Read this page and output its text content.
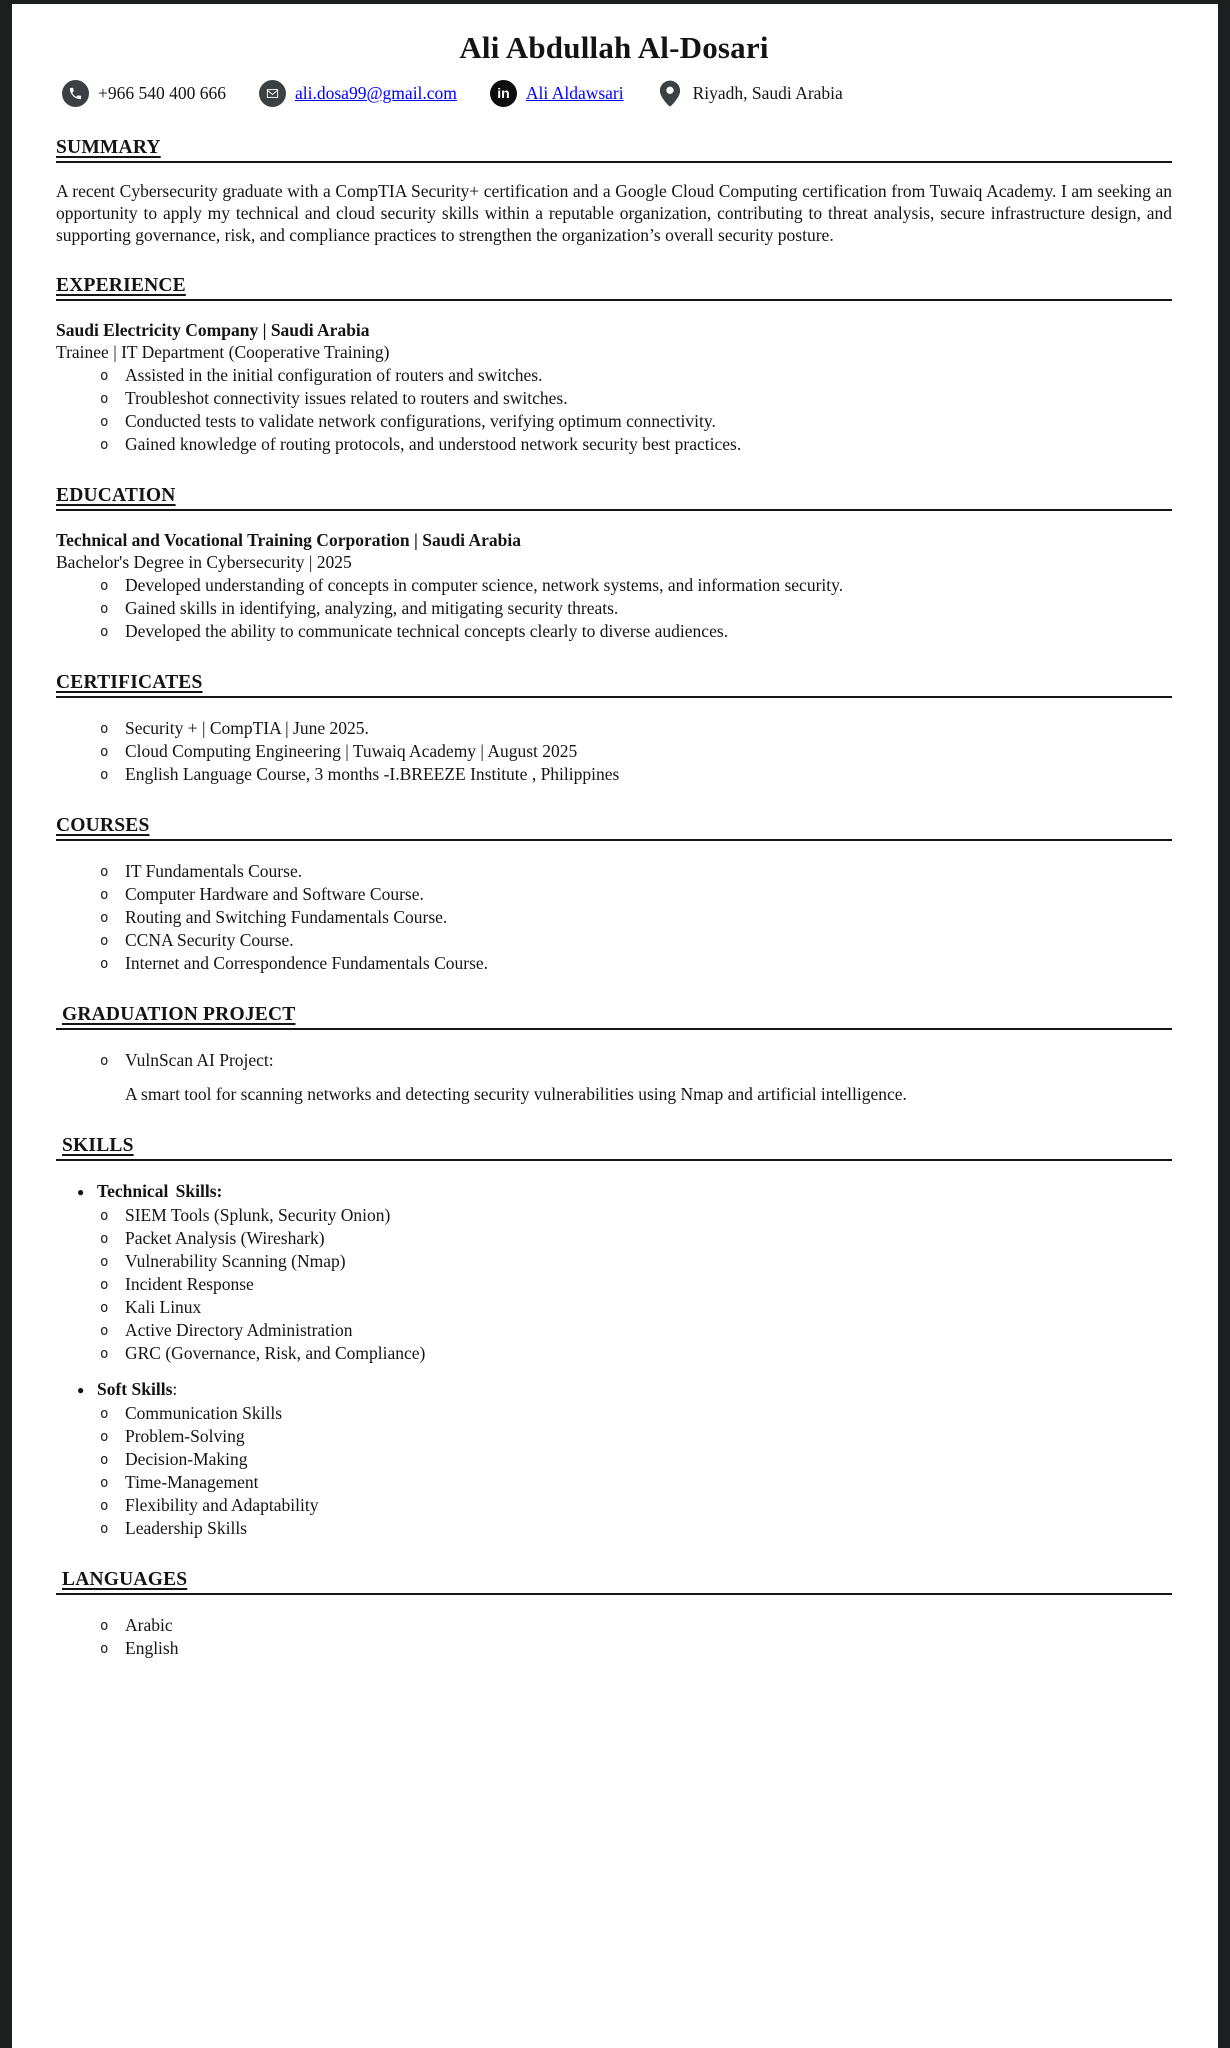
Ali Abdullah Al-Dosari
+966 540 400 666	ali.dosa99@gmail.com	in Ali Aldawsari	Riyadh, Saudi Arabia
SUMMARY

A recent Cybersecurity graduate with a CompTIA Security+ certification and a Google Cloud Computing certification from Tuwaiq Academy. I am seeking an opportunity to apply my technical and cloud security skills within a reputable organization, contributing to threat analysis, secure infrastructure design, and supporting governance, risk, and compliance practices to strengthen the organization’s overall security posture.

EXPERIENCE

Saudi Electricity Company | Saudi Arabia

Trainee | IT Department (Cooperative Training)

o Assisted in the initial configuration of routers and switches.
o Troubleshot connectivity issues related to routers and switches.
o Conducted tests to validate network configurations, verifying optimum connectivity.
o Gained knowledge of routing protocols, and understood network security best practices.
EDUCATION

Technical and Vocational Training Corporation | Saudi Arabia

Bachelor's Degree in Cybersecurity | 2025

o Developed understanding of concepts in computer science, network systems, and information security.
o Gained skills in identifying, analyzing, and mitigating security threats.
o Developed the ability to communicate technical concepts clearly to diverse audiences.
CERTIFICATES
o Security + | CompTIA | June 2025.
o Cloud Computing Engineering | Tuwaiq Academy | August 2025
o English Language Course, 3 months -I.BREEZE Institute , Philippines
COURSES
o IT Fundamentals Course.
o Computer Hardware and Software Course.
o Routing and Switching Fundamentals Course.
o CCNA Security Course.
o Internet and Correspondence Fundamentals Course.
GRADUATION PROJECT
o VulnScan AI Project:

A smart tool for scanning networks and detecting security vulnerabilities using Nmap and artificial intelligence.

SKILLS

● Technical Skills:

o SIEM Tools (Splunk, Security Onion)
o Packet Analysis (Wireshark)
o Vulnerability Scanning (Nmap)
o Incident Response
o Kali Linux
o Active Directory Administration
o GRC (Governance, Risk, and Compliance)

● Soft Skills:

o Communication Skills
o Problem-Solving
o Decision-Making
o Time-Management
o Flexibility and Adaptability
o Leadership Skills
LANGUAGES
o Arabic
o English
